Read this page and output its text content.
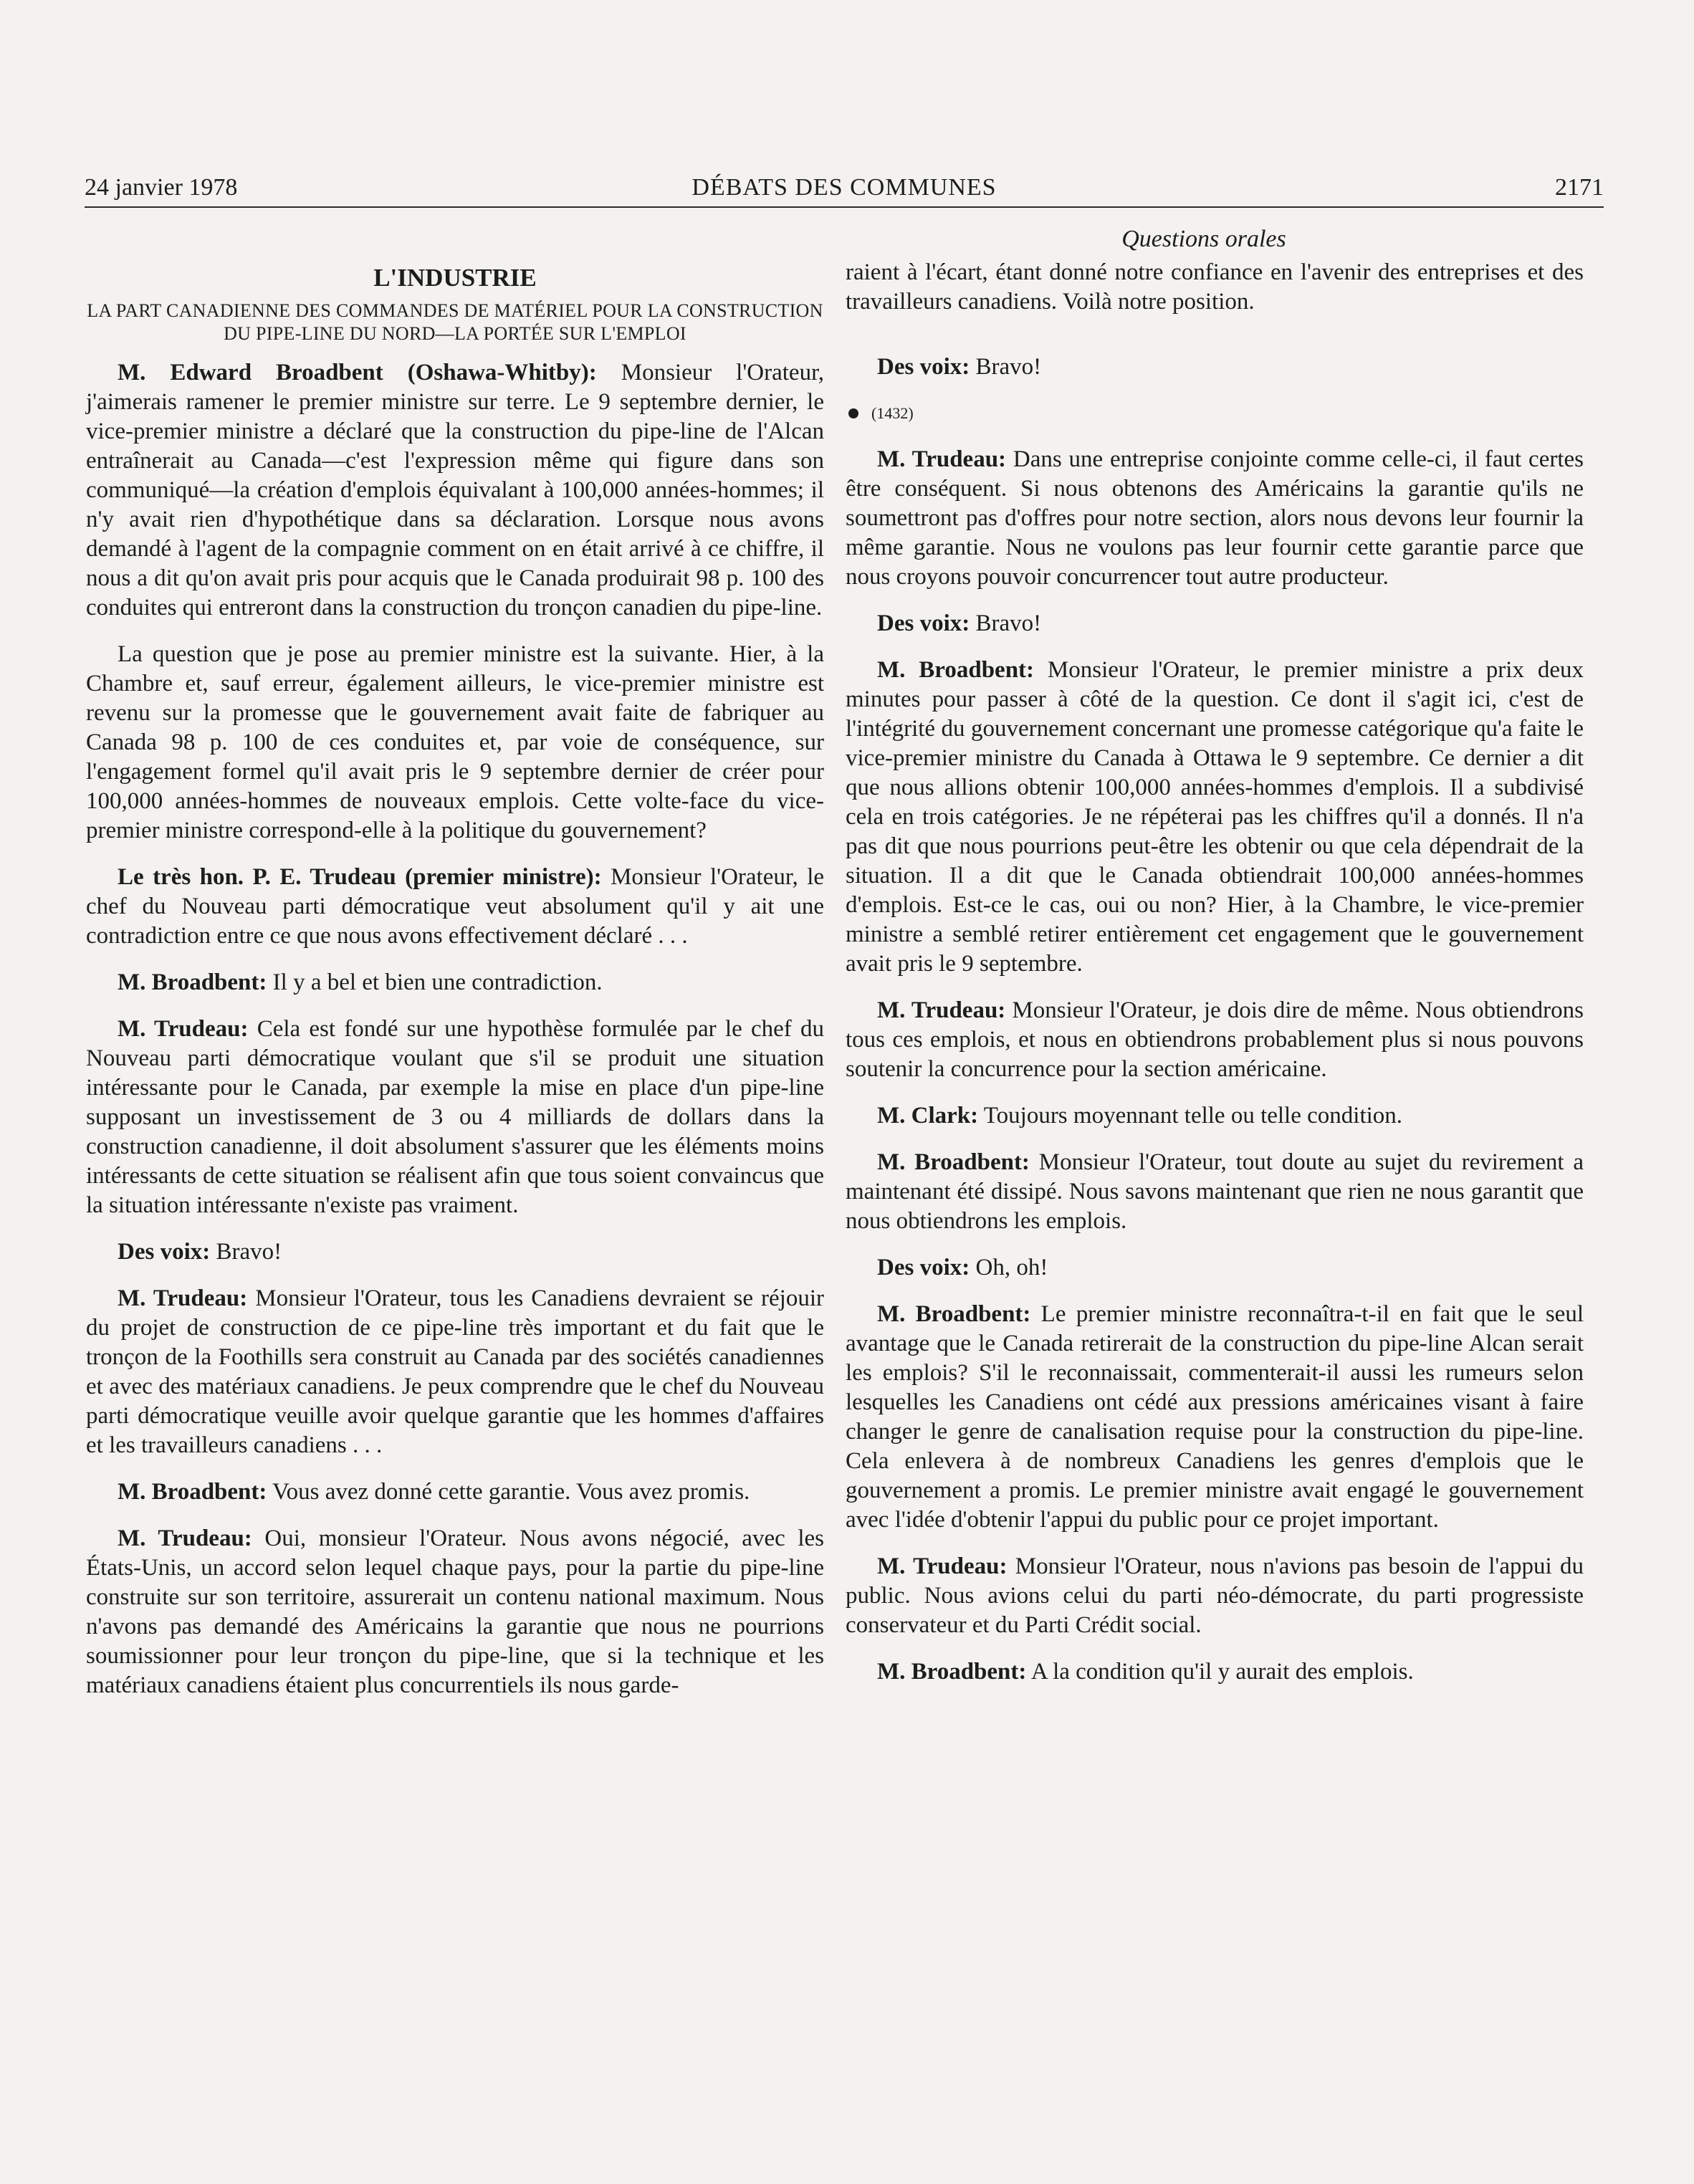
24 janvier 1978	DÉBATS DES COMMUNES	2171
Questions orales
L'INDUSTRIE
LA PART CANADIENNE DES COMMANDES DE MATÉRIEL POUR LA CONSTRUCTION DU PIPE-LINE DU NORD—LA PORTÉE SUR L'EMPLOI

M. Edward Broadbent (Oshawa-Whitby): Monsieur l'Orateur, j'aimerais ramener le premier ministre sur terre. Le 9 septembre dernier, le vice-premier ministre a déclaré que la construction du pipe-line de l'Alcan entraînerait au Canada—c'est l'expression même qui figure dans son communiqué—la création d'emplois équivalant à 100,000 années-hommes; il n'y avait rien d'hypothétique dans sa déclaration. Lorsque nous avons demandé à l'agent de la compagnie comment on en était arrivé à ce chiffre, il nous a dit qu'on avait pris pour acquis que le Canada produirait 98 p. 100 des conduites qui entreront dans la construction du tronçon canadien du pipe-line.

La question que je pose au premier ministre est la suivante. Hier, à la Chambre et, sauf erreur, également ailleurs, le vice-premier ministre est revenu sur la promesse que le gouvernement avait faite de fabriquer au Canada 98 p. 100 de ces conduites et, par voie de conséquence, sur l'engagement formel qu'il avait pris le 9 septembre dernier de créer pour 100,000 années-hommes de nouveaux emplois. Cette volte-face du vice-premier ministre correspond-elle à la politique du gouvernement?

Le très hon. P. E. Trudeau (premier ministre): Monsieur l'Orateur, le chef du Nouveau parti démocratique veut absolument qu'il y ait une contradiction entre ce que nous avons effectivement déclaré . . .

M. Broadbent: Il y a bel et bien une contradiction.

M. Trudeau: Cela est fondé sur une hypothèse formulée par le chef du Nouveau parti démocratique voulant que s'il se produit une situation intéressante pour le Canada, par exemple la mise en place d'un pipe-line supposant un investissement de 3 ou 4 milliards de dollars dans la construction canadienne, il doit absolument s'assurer que les éléments moins intéressants de cette situation se réalisent afin que tous soient convaincus que la situation intéressante n'existe pas vraiment.

Des voix: Bravo!

M. Trudeau: Monsieur l'Orateur, tous les Canadiens devraient se réjouir du projet de construction de ce pipe-line très important et du fait que le tronçon de la Foothills sera construit au Canada par des sociétés canadiennes et avec des matériaux canadiens. Je peux comprendre que le chef du Nouveau parti démocratique veuille avoir quelque garantie que les hommes d'affaires et les travailleurs canadiens . . .

M. Broadbent: Vous avez donné cette garantie. Vous avez promis.

M. Trudeau: Oui, monsieur l'Orateur. Nous avons négocié, avec les États-Unis, un accord selon lequel chaque pays, pour la partie du pipe-line construite sur son territoire, assurerait un contenu national maximum. Nous n'avons pas demandé des Américains la garantie que nous ne pourrions soumissionner pour leur tronçon du pipe-line, que si la technique et les matériaux canadiens étaient plus concurrentiels ils nous garde-

raient à l'écart, étant donné notre confiance en l'avenir des entreprises et des travailleurs canadiens. Voilà notre position.

Des voix: Bravo!

(1432)

M. Trudeau: Dans une entreprise conjointe comme celle-ci, il faut certes être conséquent. Si nous obtenons des Américains la garantie qu'ils ne soumettront pas d'offres pour notre section, alors nous devons leur fournir la même garantie. Nous ne voulons pas leur fournir cette garantie parce que nous croyons pouvoir concurrencer tout autre producteur.

Des voix: Bravo!

M. Broadbent: Monsieur l'Orateur, le premier ministre a prix deux minutes pour passer à côté de la question. Ce dont il s'agit ici, c'est de l'intégrité du gouvernement concernant une promesse catégorique qu'a faite le vice-premier ministre du Canada à Ottawa le 9 septembre. Ce dernier a dit que nous allions obtenir 100,000 années-hommes d'emplois. Il a subdivisé cela en trois catégories. Je ne répéterai pas les chiffres qu'il a donnés. Il n'a pas dit que nous pourrions peut-être les obtenir ou que cela dépendrait de la situation. Il a dit que le Canada obtiendrait 100,000 années-hommes d'emplois. Est-ce le cas, oui ou non? Hier, à la Chambre, le vice-premier ministre a semblé retirer entièrement cet engagement que le gouvernement avait pris le 9 septembre.

M. Trudeau: Monsieur l'Orateur, je dois dire de même. Nous obtiendrons tous ces emplois, et nous en obtiendrons probablement plus si nous pouvons soutenir la concurrence pour la section américaine.

M. Clark: Toujours moyennant telle ou telle condition.

M. Broadbent: Monsieur l'Orateur, tout doute au sujet du revirement a maintenant été dissipé. Nous savons maintenant que rien ne nous garantit que nous obtiendrons les emplois.

Des voix: Oh, oh!

M. Broadbent: Le premier ministre reconnaîtra-t-il en fait que le seul avantage que le Canada retirerait de la construction du pipe-line Alcan serait les emplois? S'il le reconnaissait, commenterait-il aussi les rumeurs selon lesquelles les Canadiens ont cédé aux pressions américaines visant à faire changer le genre de canalisation requise pour la construction du pipe-line. Cela enlevera à de nombreux Canadiens les genres d'emplois que le gouvernement a promis. Le premier ministre avait engagé le gouvernement avec l'idée d'obtenir l'appui du public pour ce projet important.

M. Trudeau: Monsieur l'Orateur, nous n'avions pas besoin de l'appui du public. Nous avions celui du parti néo-démocrate, du parti progressiste conservateur et du Parti Crédit social.

M. Broadbent: A la condition qu'il y aurait des emplois.
